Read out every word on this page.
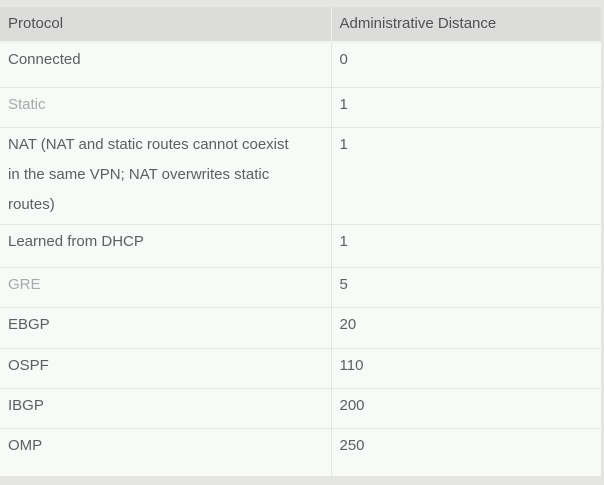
Protocol	Administrative Distance
Connected	0
Static	1
NAT (NAT and static routes cannot coexist in the same VPN; NAT overwrites static routes)	1
Learned from DHCP	1
GRE	5
EBGP	20
OSPF	110
IBGP	200
OMP	250
